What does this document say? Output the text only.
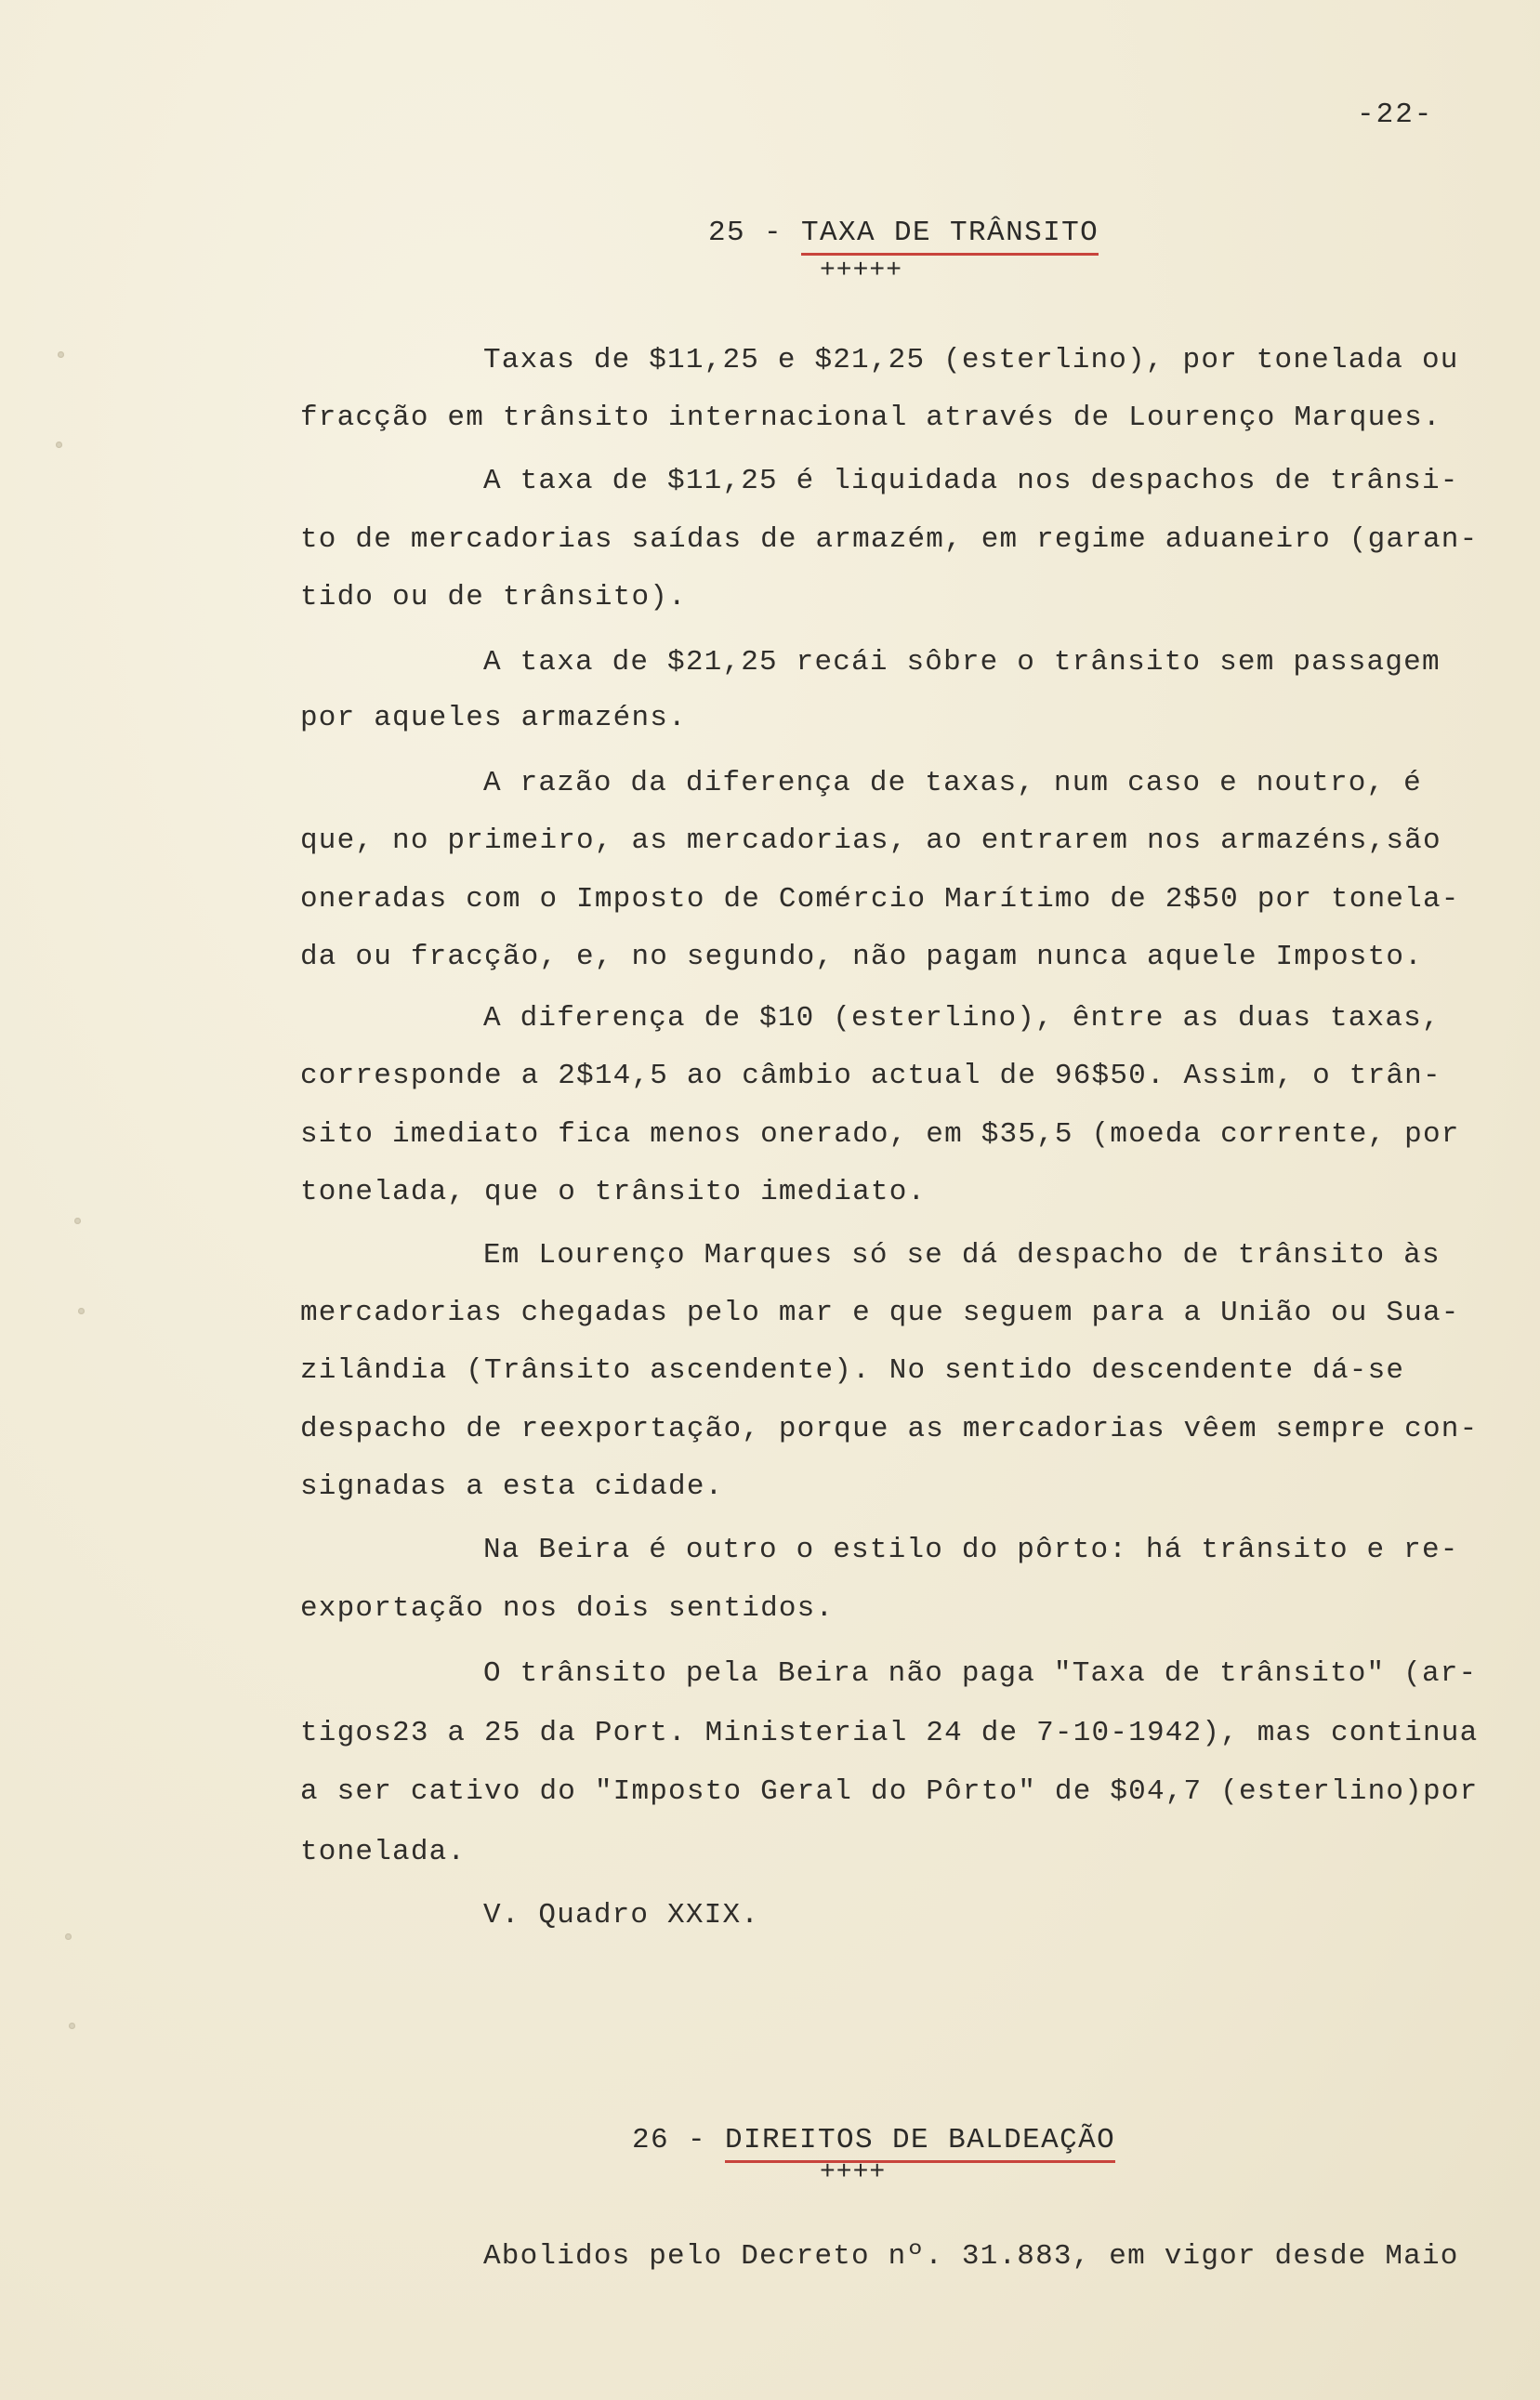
-22-

25 - TAXA DE TRÂNSITO

+++++
Taxas de $11,25 e $21,25 (esterlino), por tonelada ou
fracção em trânsito internacional através de Lourenço Marques.
A taxa de $11,25 é liquidada nos despachos de trânsi-
to de mercadorias saídas de armazém, em regime aduaneiro (garan-
tido ou de trânsito).
A taxa de $21,25 recái sôbre o trânsito sem passagem
por aqueles armazéns.
A razão da diferença de taxas, num caso e noutro, é
que, no primeiro, as mercadorias, ao entrarem nos armazéns,são
oneradas com o Imposto de Comércio Marítimo de 2$50 por tonela-
da ou fracção, e, no segundo, não pagam nunca aquele Imposto.
A diferença de $10 (esterlino), êntre as duas taxas,
corresponde a 2$14,5 ao câmbio actual de 96$50. Assim, o trân-
sito imediato fica menos onerado, em $35,5 (moeda corrente, por
tonelada, que o trânsito imediato.
Em Lourenço Marques só se dá despacho de trânsito às
mercadorias chegadas pelo mar e que seguem para a União ou Sua-
zilândia (Trânsito ascendente). No sentido descendente dá-se
despacho de reexportação, porque as mercadorias vêem sempre con-
signadas a esta cidade.
Na Beira é outro o estilo do pôrto: há trânsito e re-
exportação nos dois sentidos.
O trânsito pela Beira não paga "Taxa de trânsito" (ar-
tigos23 a 25 da Port. Ministerial 24 de 7-10-1942), mas continua
a ser cativo do "Imposto Geral do Pôrto" de $04,7 (esterlino)por
tonelada.
V. Quadro XXIX.

26 - DIREITOS DE BALDEAÇÃO

++++
Abolidos pelo Decreto nº. 31.883, em vigor desde Maio
